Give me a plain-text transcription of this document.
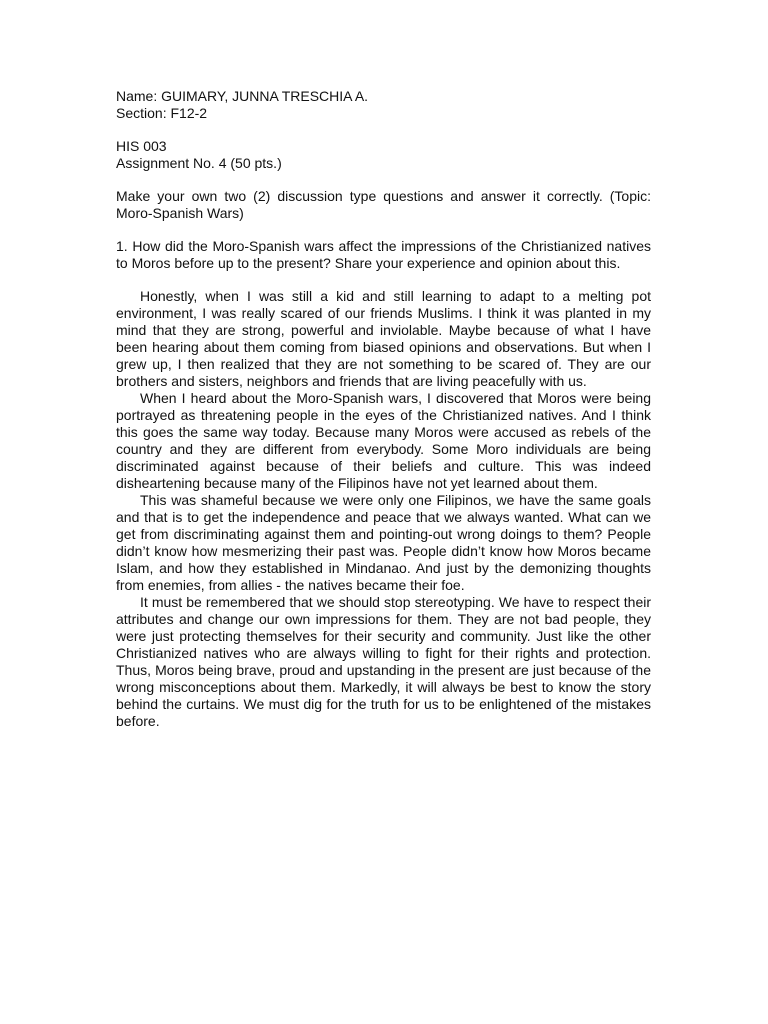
Name: GUIMARY, JUNNA TRESCHIA A.
Section: F12-2
HIS 003
Assignment No. 4 (50 pts.)

Make your own two (2) discussion type questions and answer it correctly. (Topic: Moro-Spanish Wars)

1. How did the Moro-Spanish wars affect the impressions of the Christianized natives to Moros before up to the present? Share your experience and opinion about this.

Honestly, when I was still a kid and still learning to adapt to a melting pot environment, I was really scared of our friends Muslims. I think it was planted in my mind that they are strong, powerful and inviolable. Maybe because of what I have been hearing about them coming from biased opinions and observations. But when I grew up, I then realized that they are not something to be scared of. They are our brothers and sisters, neighbors and friends that are living peacefully with us.

When I heard about the Moro-Spanish wars, I discovered that Moros were being portrayed as threatening people in the eyes of the Christianized natives. And I think this goes the same way today. Because many Moros were accused as rebels of the country and they are different from everybody. Some Moro individuals are being discriminated against because of their beliefs and culture. This was indeed disheartening because many of the Filipinos have not yet learned about them.

This was shameful because we were only one Filipinos, we have the same goals and that is to get the independence and peace that we always wanted. What can we get from discriminating against them and pointing-out wrong doings to them? People didn’t know how mesmerizing their past was. People didn’t know how Moros became Islam, and how they established in Mindanao. And just by the demonizing thoughts from enemies, from allies - the natives became their foe.

It must be remembered that we should stop stereotyping. We have to respect their attributes and change our own impressions for them. They are not bad people, they were just protecting themselves for their security and community. Just like the other Christianized natives who are always willing to fight for their rights and protection. Thus, Moros being brave, proud and upstanding in the present are just because of the wrong misconceptions about them. Markedly, it will always be best to know the story behind the curtains. We must dig for the truth for us to be enlightened of the mistakes before.
